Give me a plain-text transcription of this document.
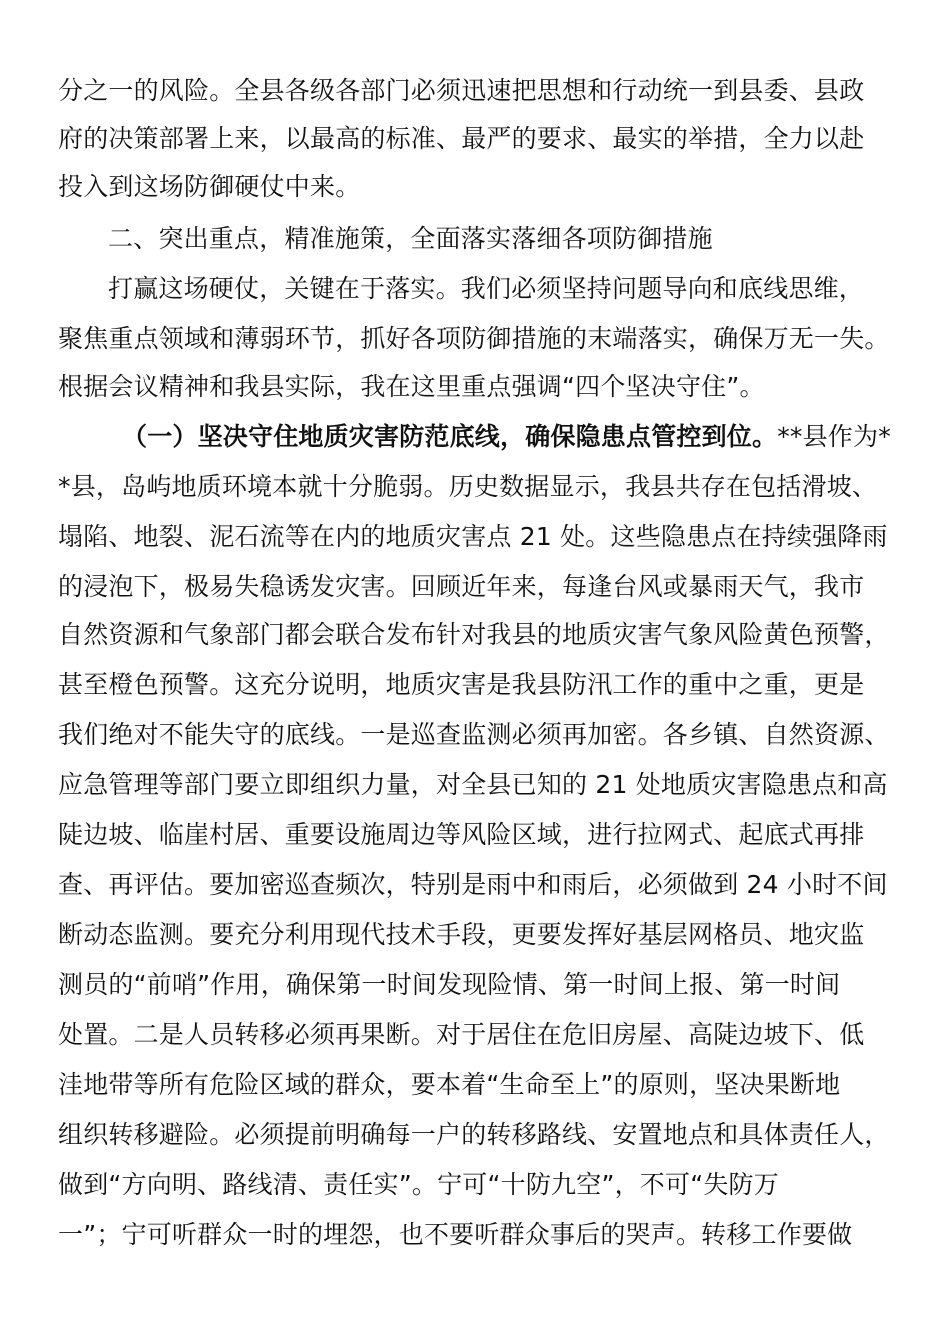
分之一的风险。全县各级各部门必须迅速把思想和行动统一到县委、县政
府的决策部署上来，以最高的标准、最严的要求、最实的举措，全力以赴
投入到这场防御硬仗中来。
二、突出重点，精准施策，全面落实落细各项防御措施
打赢这场硬仗，关键在于落实。我们必须坚持问题导向和底线思维，
聚焦重点领域和薄弱环节，抓好各项防御措施的末端落实，确保万无一失。
根据会议精神和我县实际，我在这里重点强调“四个坚决守住”。
（一）坚决守住地质灾害防范底线，确保隐患点管控到位。**县作为*
*县，岛屿地质环境本就十分脆弱。历史数据显示，我县共存在包括滑坡、
塌陷、地裂、泥石流等在内的地质灾害点 21 处。这些隐患点在持续强降雨
的浸泡下，极易失稳诱发灾害。回顾近年来，每逢台风或暴雨天气，我市
自然资源和气象部门都会联合发布针对我县的地质灾害气象风险黄色预警，
甚至橙色预警。这充分说明，地质灾害是我县防汛工作的重中之重，更是
我们绝对不能失守的底线。一是巡查监测必须再加密。各乡镇、自然资源、
应急管理等部门要立即组织力量，对全县已知的 21 处地质灾害隐患点和高
陡边坡、临崖村居、重要设施周边等风险区域，进行拉网式、起底式再排
查、再评估。要加密巡查频次，特别是雨中和雨后，必须做到 24 小时不间
断动态监测。要充分利用现代技术手段，更要发挥好基层网格员、地灾监
测员的“前哨”作用，确保第一时间发现险情、第一时间上报、第一时间
处置。二是人员转移必须再果断。对于居住在危旧房屋、高陡边坡下、低
洼地带等所有危险区域的群众，要本着“生命至上”的原则，坚决果断地
组织转移避险。必须提前明确每一户的转移路线、安置地点和具体责任人，
做到“方向明、路线清、责任实”。宁可“十防九空”，不可“失防万
一”；宁可听群众一时的埋怨，也不要听群众事后的哭声。转移工作要做
